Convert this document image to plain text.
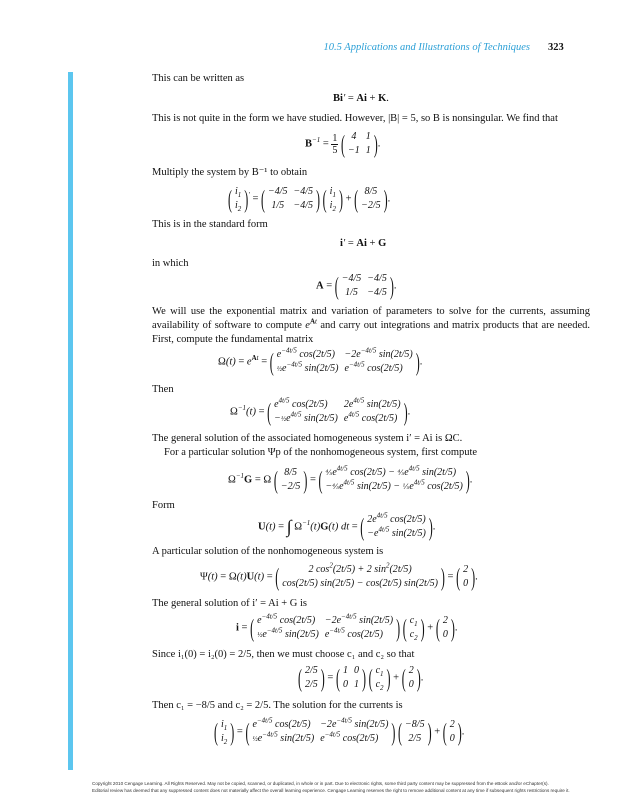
10.5 Applications and Illustrations of Techniques 323
This can be written as
Bi′ = Ai + K.
This is not quite in the form we have studied. However, |B| = 5, so B is nonsingular. We find that
$B^{-1} = \frac{1}{5}$ ( 4	1
−1	1 ).
Multiply the system by B⁻¹ to obtain
( $i_1$
$i_2$ )′ = ( −4/5	−4/5
1/5	−4/5 ) ( $i_1$
$i_2$ ) + ( 8/5
−2/5 ).
This is in the standard form
i′ = Ai + G
in which
A = ( −4/5	−4/5
1/5	−4/5 ).
We will use the exponential matrix and variation of parameters to solve for the currents, assuming availability of software to compute $e^{At}$ and carry out integrations and matrix products that are needed. First, compute the fundamental matrix
$\Omega(t) = e^{At}$ = ( $e^{-4t/5}$ cos(2t/5)	$-2e^{-4t/5}$ sin(2t/5)
$\frac{1}{2}e^{-4t/5}$ sin(2t/5)	$e^{-4t/5}$ cos(2t/5) ).
Then
$\Omega^{-1}(t)$ = ( $e^{4t/5}$ cos(2t/5)	$2e^{4t/5}$ sin(2t/5)
$-\frac{1}{2}e^{4t/5}$ sin(2t/5)	$e^{4t/5}$ cos(2t/5) ).
The general solution of the associated homogeneous system i′ = Ai is ΩC.
For a particular solution Ψp of the nonhomogeneous system, first compute
$\Omega^{-1}G = \Omega$ ( 8/5
−2/5 ) = ( $\frac{4}{5}e^{4t/5}$ $\cos(2t/5) - \frac{4}{5}e^{4t/5}$ sin(2t/5)
$-\frac{4}{5}e^{4t/5}$ $\sin(2t/5) - \frac{1}{5}e^{4t/5}$ cos(2t/5) ).
Form
U(t) = ∫ $\Omega^{-1}(t)G(t)$ dt = ( $2e^{4t/5}$ cos(2t/5)
$-e^{4t/5}$ sin(2t/5) ).
A particular solution of the nonhomogeneous system is
Ψ(t) = Ω(t)U(t) = (	2 $\cos^2(2t/5) + 2$ $\sin^2(2t/5)$
cos(2t/5) sin(2t/5) − cos(2t/5) sin(2t/5) ) = ( 2
0 ).
The general solution of i′ = Ai + G is
i = ( $e^{-4t/5}$ cos(2t/5)	$-2e^{-4t/5}$ sin(2t/5)
$\frac{1}{2}e^{-4t/5}$ sin(2t/5)	$e^{-4t/5}$ cos(2t/5) ) ( $c_1$
$c_2$ ) + ( 2
0 ).
Since i₁(0) = i₂(0) = 2/5, then we must choose c₁ and c₂ so that
( 2/5
2/5 ) = ( 1	0
0	1 ) ( $c_1$
$c_2$ ) + ( 2
0 ).
Then c₁ = −8/5 and c₂ = 2/5. The solution for the currents is
( $i_1$
$i_2$ ) = ( $e^{-4t/5}$ cos(2t/5)	$-2e^{-4t/5}$ sin(2t/5)
$\frac{1}{2}e^{-4t/5}$ sin(2t/5)	$e^{-4t/5}$ cos(2t/5) ) ( −8/5
2/5 ) + ( 2
0 ).
Copyright 2010 Cengage Learning. All Rights Reserved. May not be copied, scanned, or duplicated, in whole or in part. Due to electronic rights, some third party content may be suppressed from the eBook and/or eChapter(s).
Editorial review has deemed that any suppressed content does not materially affect the overall learning experience. Cengage Learning reserves the right to remove additional content at any time if subsequent rights restrictions require it.
